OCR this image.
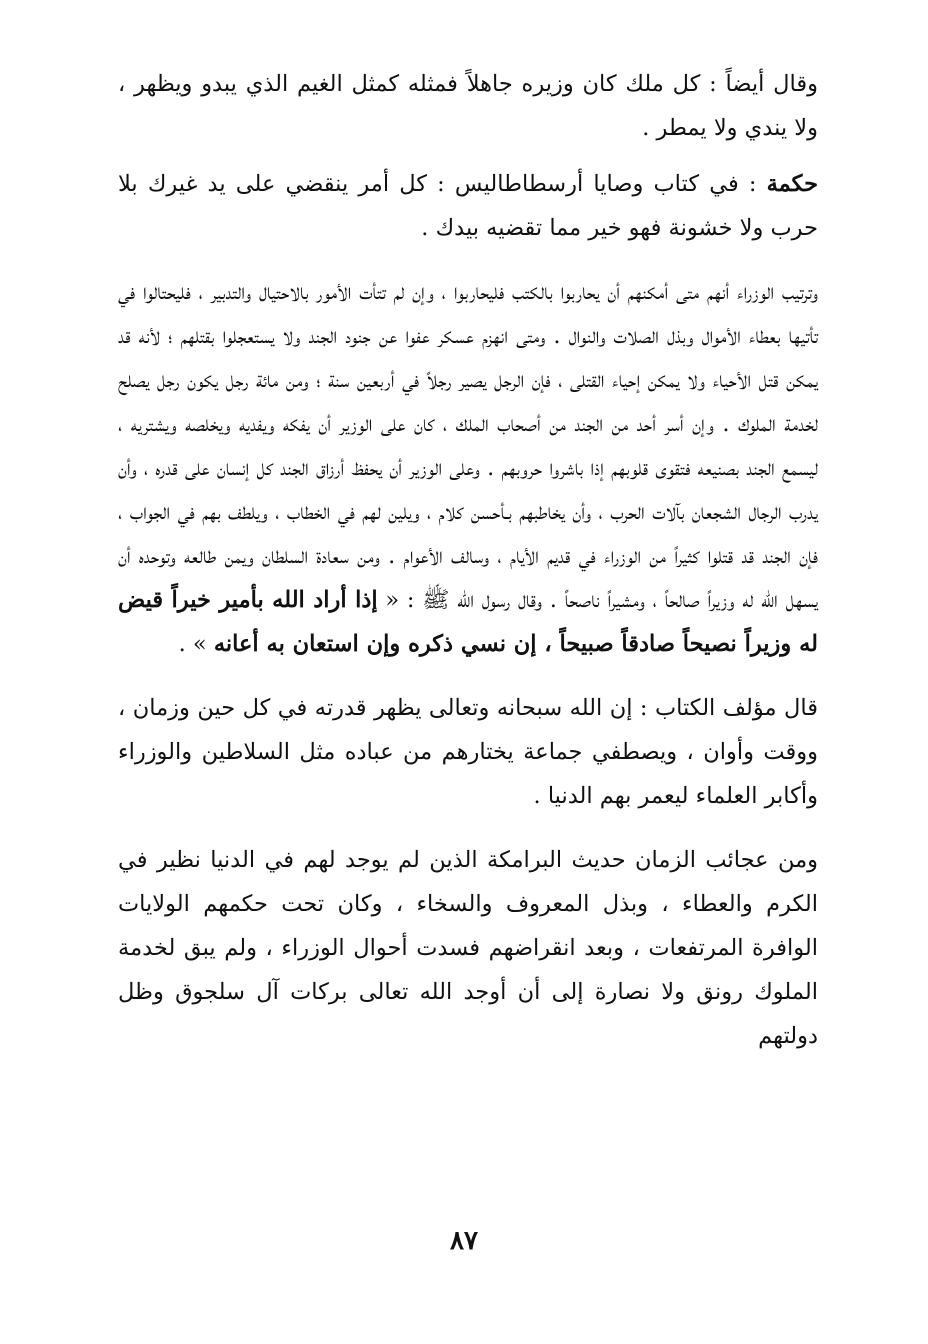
وقال أيضاً : كل ملك كان وزيره جاهلاً فمثله كمثل الغيم الذي يبدو ويظهر ، ولا يندي ولا يمطر .

حكمة : في كتاب وصايا أرسطاطاليس : كل أمر ينقضي على يد غيرك بلا حرب ولا خشونة فهو خير مما تقضيه بيدك .

وترتيب الوزراء أنهم متى أمكنهم أن يحاربوا بالكتب فليحاربوا ، وإن لم تتأت الأمور بالاحتيال والتدبير ، فليحتالوا في تأتيها بعطاء الأموال وبذل الصلات والنوال . ومتى انهزم عسكر عفوا عن جنود الجند ولا يستعجلوا بقتلهم ؛ لأنه قد يمكن قتل الأحياء ولا يمكن إحياء القتلى ، فإن الرجل يصير رجلاً في أربعين سنة ؛ ومن مائة رجل يكون رجل يصلح لخدمة الملوك . وإن أسر أحد من الجند من أصحاب الملك ، كان على الوزير أن يفكه ويفديه ويخلصه ويشتريه ، ليسمع الجند بصنيعه فتقوى قلوبهم إذا باشروا حروبهم . وعلى الوزير أن يحفظ أرزاق الجند كل إنسان على قدره ، وأن يدرب الرجال الشجعان بآلات الحرب ، وأن يخاطبهم بـأحسن كلام ، ويلين لهم في الخطاب ، ويلطف بهم في الجواب ، فإن الجند قد قتلوا كثيراً من الوزراء في قديم الأيام ، وسالف الأعوام . ومن سعادة السلطان ويمن طالعه وتوحده أن يسهل الله له وزيراً صالحاً ، ومشيراً ناصحاً . وقال رسول الله ﷺ : « إذا أراد الله بأمير خيراً قيض له وزيراً نصيحاً صادقاً صبيحاً ، إن نسي ذكره وإن استعان به أعانه » .

قال مؤلف الكتاب : إن الله سبحانه وتعالى يظهر قدرته في كل حين وزمان ، ووقت وأوان ، ويصطفي جماعة يختارهم من عباده مثل السلاطين والوزراء وأكابر العلماء ليعمر بهم الدنيا .

ومن عجائب الزمان حديث البرامكة الذين لم يوجد لهم في الدنيا نظير في الكرم والعطاء ، وبذل المعروف والسخاء ، وكان تحت حكمهم الولايات الوافرة المرتفعات ، وبعد انقراضهم فسدت أحوال الوزراء ، ولم يبق لخدمة الملوك رونق ولا نصارة إلى أن أوجد الله تعالى بركات آل سلجوق وظل دولتهم

٨٧
